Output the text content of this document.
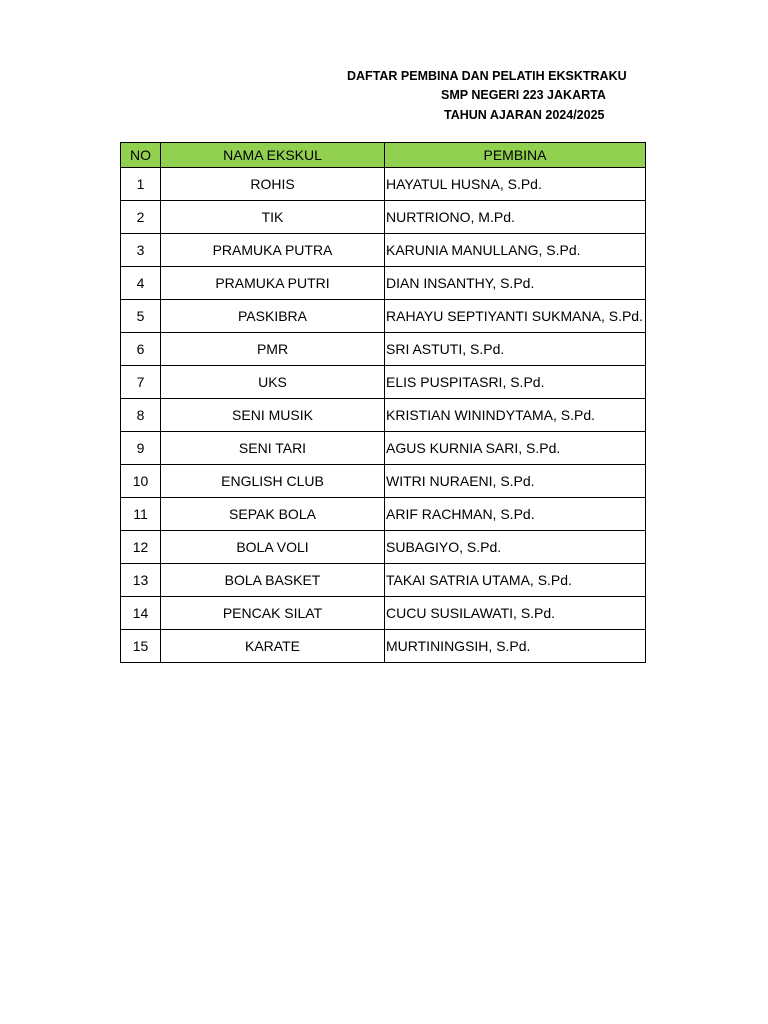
DAFTAR PEMBINA DAN PELATIH EKSKTRAKU
SMP NEGERI 223 JAKARTA
TAHUN AJARAN 2024/2025
NO	NAMA EKSKUL	PEMBINA
1	ROHIS	HAYATUL HUSNA, S.Pd.
2	TIK	NURTRIONO, M.Pd.
3	PRAMUKA PUTRA	KARUNIA MANULLANG, S.Pd.
4	PRAMUKA PUTRI	DIAN INSANTHY, S.Pd.
5	PASKIBRA	RAHAYU SEPTIYANTI SUKMANA, S.Pd.
6	PMR	SRI ASTUTI, S.Pd.
7	UKS	ELIS PUSPITASRI, S.Pd.
8	SENI MUSIK	KRISTIAN WININDYTAMA, S.Pd.
9	SENI TARI	AGUS KURNIA SARI, S.Pd.
10	ENGLISH CLUB	WITRI NURAENI, S.Pd.
11	SEPAK BOLA	ARIF RACHMAN, S.Pd.
12	BOLA VOLI	SUBAGIYO, S.Pd.
13	BOLA BASKET	TAKAI SATRIA UTAMA, S.Pd.
14	PENCAK SILAT	CUCU SUSILAWATI, S.Pd.
15	KARATE	MURTININGSIH, S.Pd.
